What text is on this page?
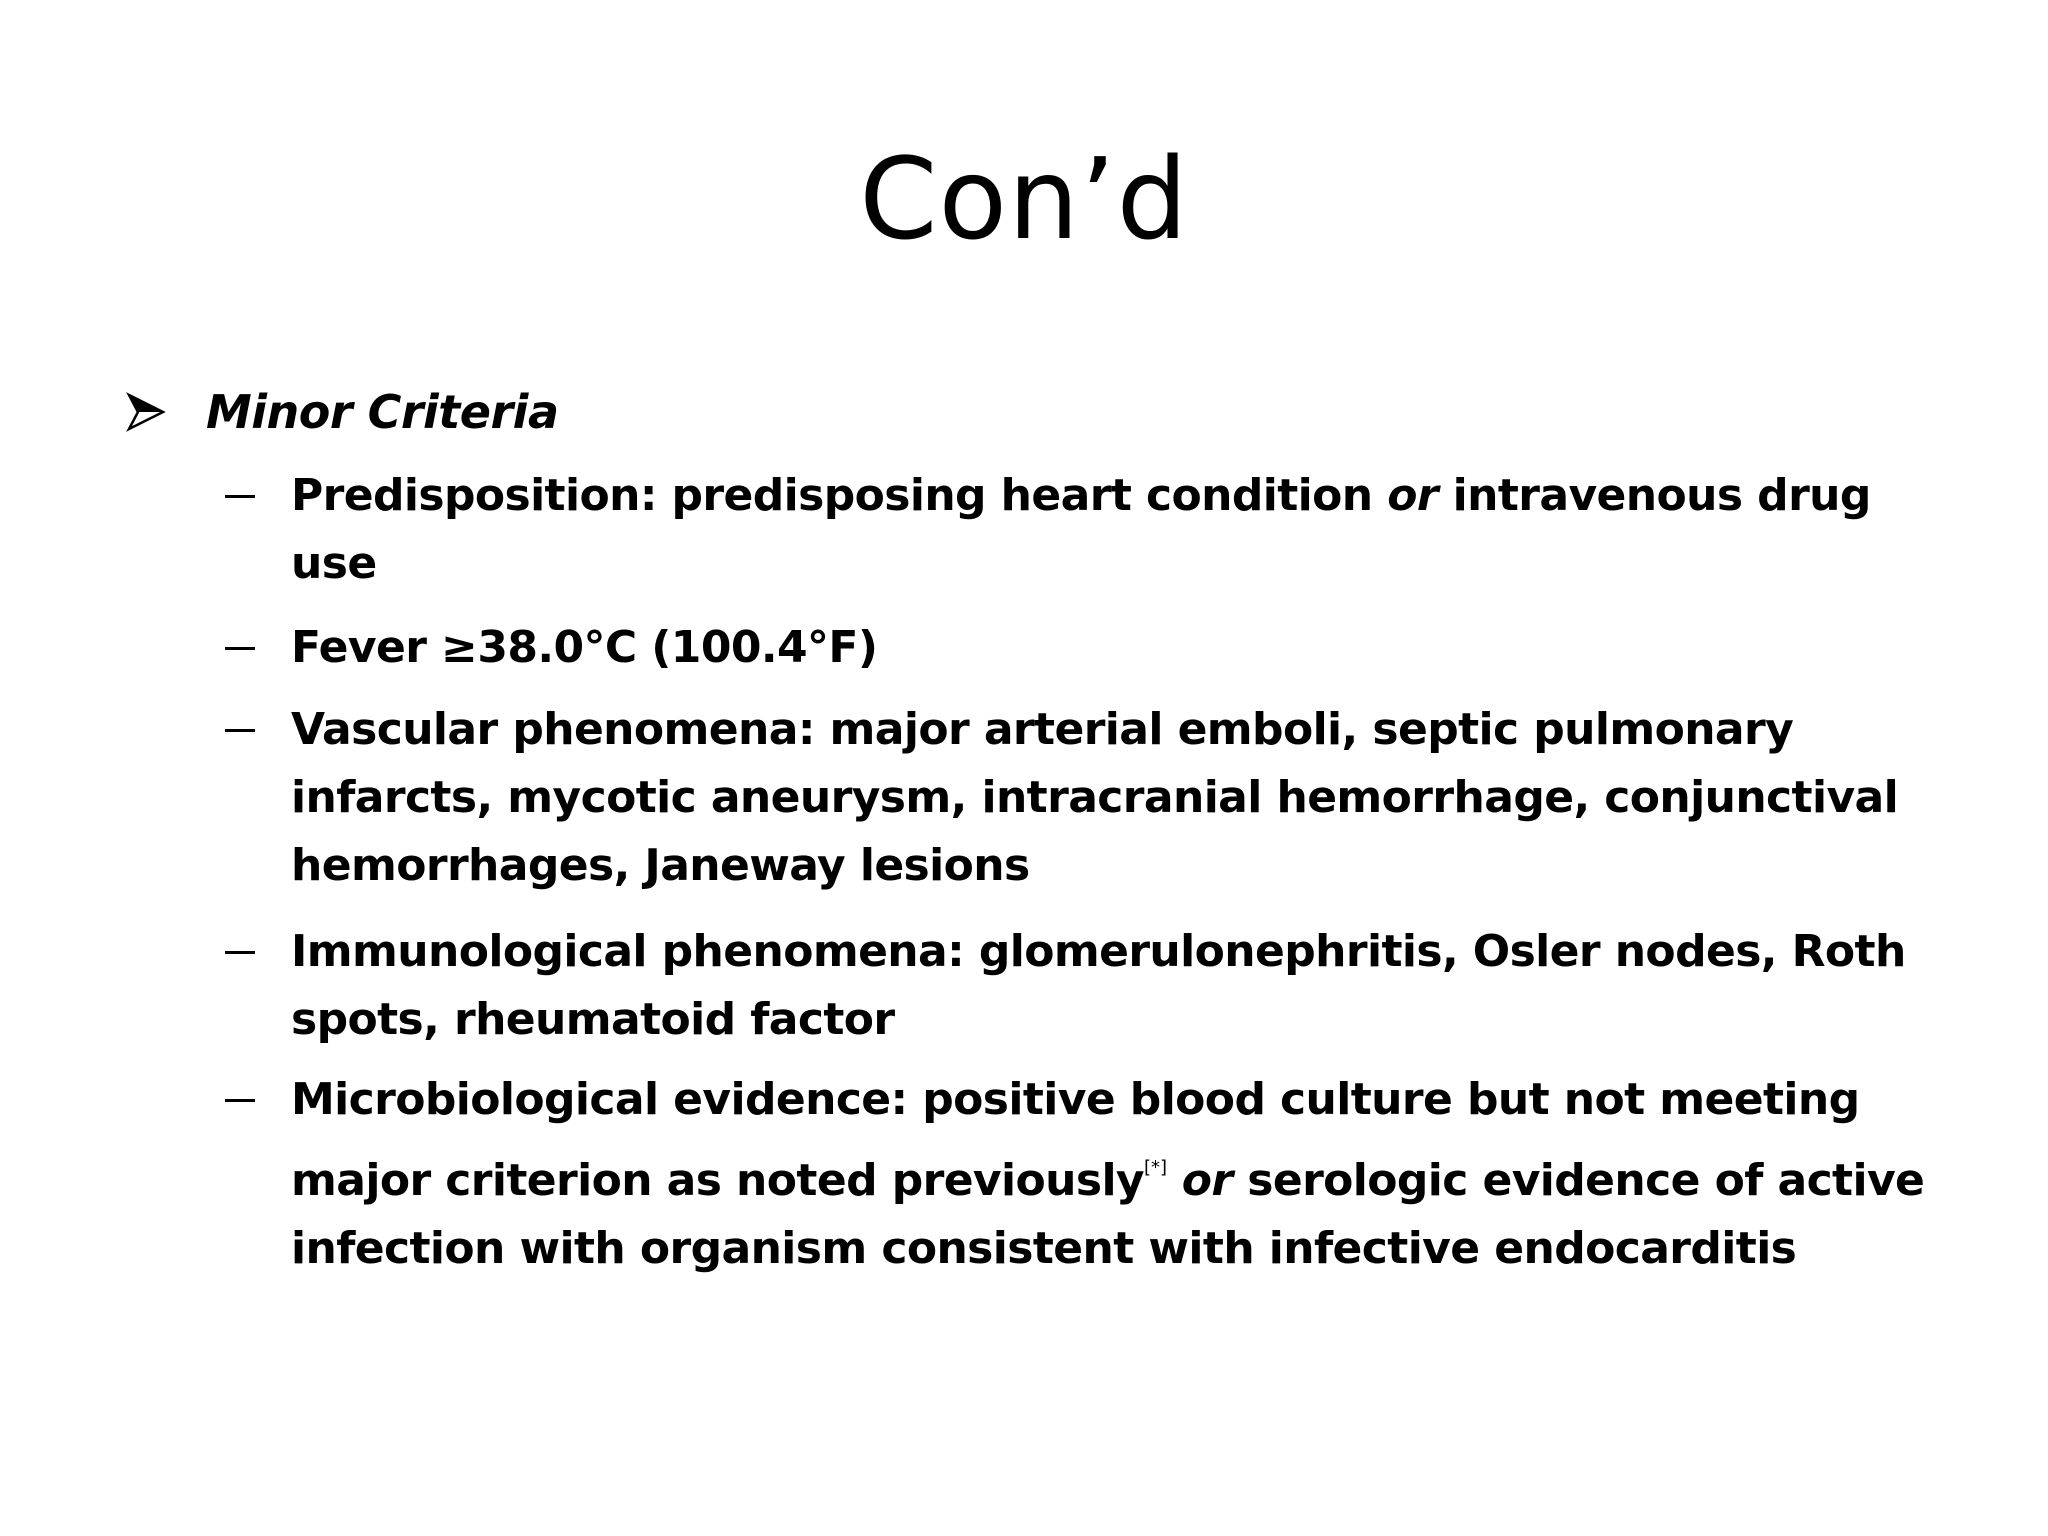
Con’d
Minor Criteria
Predisposition: predisposing heart condition or intravenous drug use
Fever ≥38.0°C (100.4°F)
Vascular phenomena: major arterial emboli, septic pulmonary infarcts, mycotic aneurysm, intracranial hemorrhage, conjunctival hemorrhages, Janeway lesions
Immunological phenomena: glomerulonephritis, Osler nodes, Roth spots, rheumatoid factor
Microbiological evidence: positive blood culture but not meeting major criterion as noted previously[*] or serologic evidence of active infection with organism consistent with infective endocarditis
